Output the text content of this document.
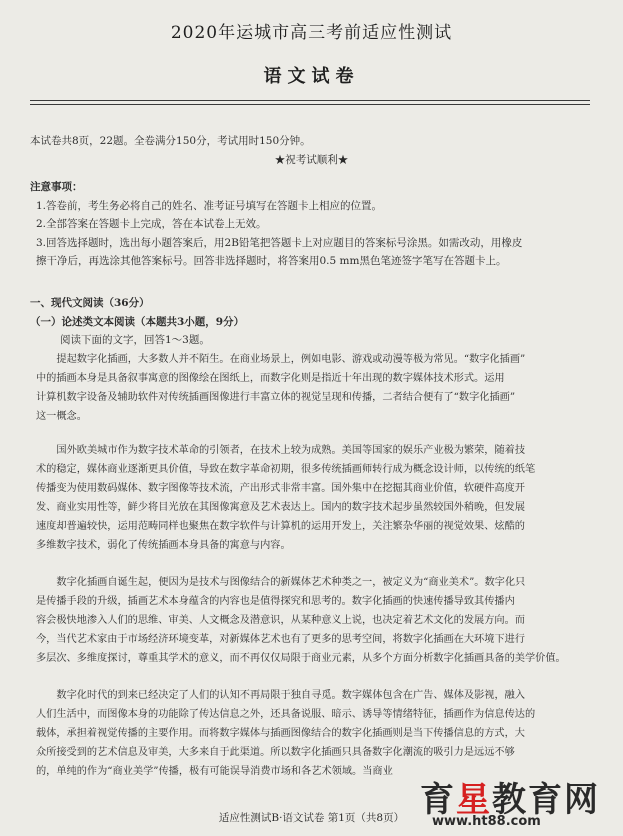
2020年运城市高三考前适应性测试
语文试卷
本试卷共8页，22题。全卷满分150分，考试用时150分钟。
★祝考试顺利★
注意事项：
1.答卷前，考生务必将自己的姓名、准考证号填写在答题卡上相应的位置。
2.全部答案在答题卡上完成，答在本试卷上无效。
3.回答选择题时，选出每小题答案后，用2B铅笔把答题卡上对应题目的答案标号涂黑。如需改动，用橡皮
擦干净后，再选涂其他答案标号。回答非选择题时，将答案用0.5 mm黑色笔迹签字笔写在答题卡上。
一、现代文阅读（36分）
（一）论述类文本阅读（本题共3小题，9分）
阅读下面的文字，回答1～3题。

提起数字化插画，大多数人并不陌生。在商业场景上，例如电影、游戏或动漫等极为常见。“数字化插画”

中的插画本身是具备叙事寓意的图像绘在图纸上，而数字化则是指近十年出现的数字媒体技术形式。运用

计算机数字设备及辅助软件对传统插画图像进行丰富立体的视觉呈现和传播，二者结合便有了“数字化插画”

这一概念。

国外欧美城市作为数字技术革命的引领者，在技术上较为成熟。美国等国家的娱乐产业极为繁荣，随着技

术的稳定，媒体商业逐渐更具价值，导致在数字革命初期，很多传统插画师转行成为概念设计师，以传统的纸笔

传播变为使用数码媒体、数字图像等技术流，产出形式非常丰富。国外集中在挖掘其商业价值，软硬件高度开

发、商业实用性等，鲜少将目光放在其图像寓意及艺术表达上。国内的数字技术起步虽然较国外稍晚，但发展

速度却普遍较快，运用范畴同样也聚焦在数字软件与计算机的运用开发上，关注繁杂华丽的视觉效果、炫酷的

多维数字技术，弱化了传统插画本身具备的寓意与内容。

数字化插画自诞生起，便因为是技术与图像结合的新媒体艺术种类之一，被定义为“商业美术”。数字化只

是传播手段的升级，插画艺术本身蕴含的内容也是值得探究和思考的。数字化插画的快速传播导致其传播内

容会极快地渗入人们的思维、审美、人文概念及潜意识，从某种意义上说，也决定着艺术文化的发展方向。而

今，当代艺术家由于市场经济环境变革，对新媒体艺术也有了更多的思考空间，将数字化插画在大环境下进行

多层次、多维度探讨，尊重其学术的意义，而不再仅仅局限于商业元素，从多个方面分析数字化插画具备的美学价值。

数字化时代的到来已经决定了人们的认知不再局限于独自寻觅。数字媒体包含在广告、媒体及影视，融入

人们生活中，而图像本身的功能除了传达信息之外，还具备说服、暗示、诱导等情绪特征，插画作为信息传达的

载体，承担着视觉传播的主要作用。而将数字媒体与插画图像结合的数字化插画则是当下传播信息的方式，大

众所接受到的艺术信息及审美，大多来自于此渠道。所以数字化插画只具备数字化潮流的吸引力是远远不够

的，单纯的作为“商业美学”传播，极有可能误导消费市场和各艺术领域。当商业

适应性测试B·语文试卷 第1页（共8页） 育星教育网
www.ht88.com
